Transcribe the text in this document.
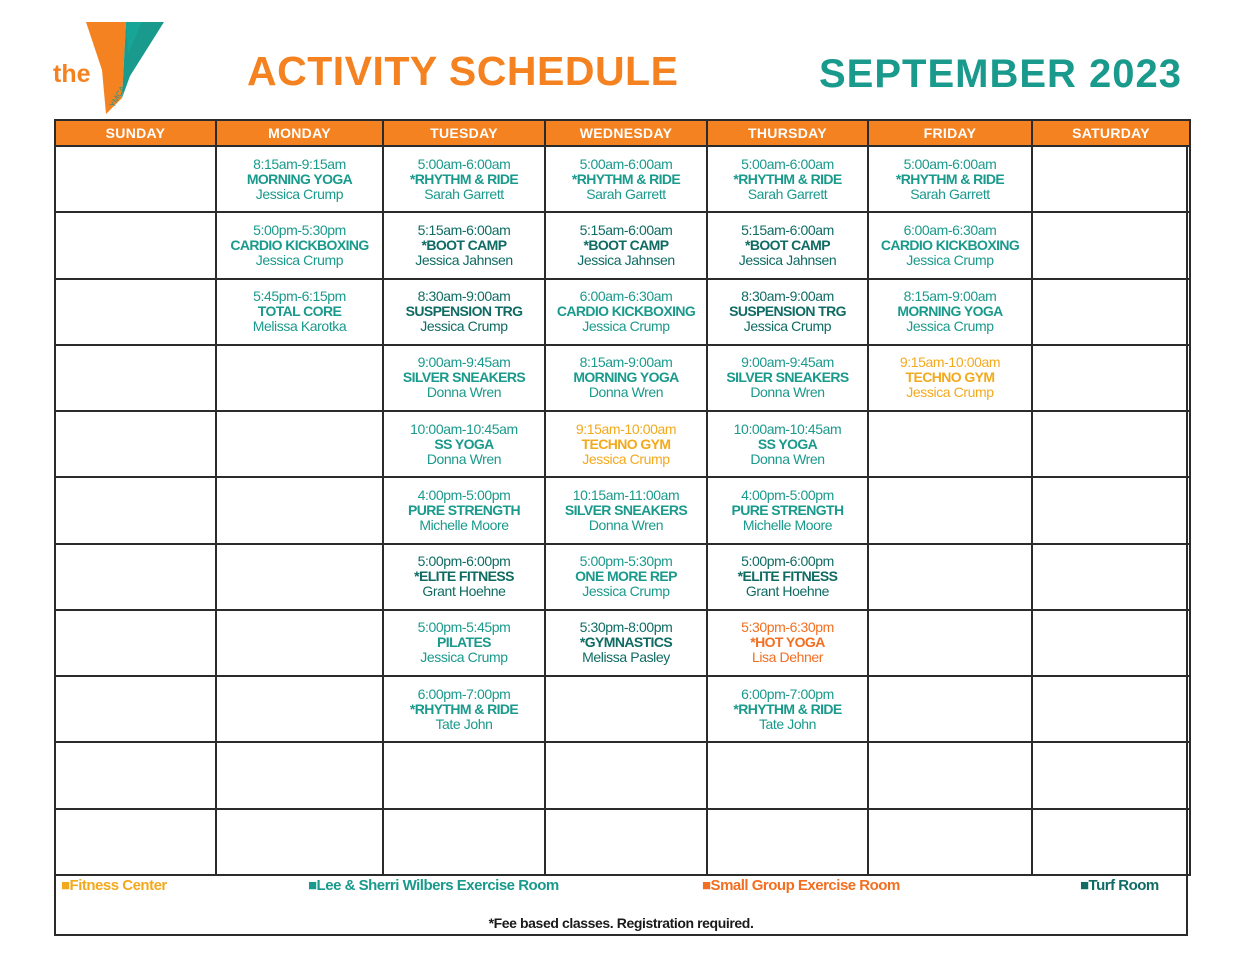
YMCA
the	ACTIVITY SCHEDULE	SEPTEMBER 2023
SUNDAY	MONDAY	TUESDAY	WEDNESDAY	THURSDAY	FRIDAY	SATURDAY

	8:15am-9:15am
MORNING YOGA
Jessica Crump	5:00am-6:00am
*RHYTHM & RIDE
Sarah Garrett	5:00am-6:00am
*RHYTHM & RIDE
Sarah Garrett	5:00am-6:00am
*RHYTHM & RIDE
Sarah Garrett	5:00am-6:00am
*RHYTHM & RIDE
Sarah Garrett	

	5:00pm-5:30pm
CARDIO KICKBOXING
Jessica Crump	5:15am-6:00am
*BOOT CAMP
Jessica Jahnsen	5:15am-6:00am
*BOOT CAMP
Jessica Jahnsen	5:15am-6:00am
*BOOT CAMP
Jessica Jahnsen	6:00am-6:30am
CARDIO KICKBOXING
Jessica Crump	

	5:45pm-6:15pm
TOTAL CORE
Melissa Karotka	8:30am-9:00am
SUSPENSION TRG
Jessica Crump	6:00am-6:30am
CARDIO KICKBOXING
Jessica Crump	8:30am-9:00am
SUSPENSION TRG
Jessica Crump	8:15am-9:00am
MORNING YOGA
Jessica Crump	

		9:00am-9:45am
SILVER SNEAKERS
Donna Wren	8:15am-9:00am
MORNING YOGA
Donna Wren	9:00am-9:45am
SILVER SNEAKERS
Donna Wren	9:15am-10:00am
TECHNO GYM
Jessica Crump	

		10:00am-10:45am
SS YOGA
Donna Wren	9:15am-10:00am
TECHNO GYM
Jessica Crump	10:00am-10:45am
SS YOGA
Donna Wren		

		4:00pm-5:00pm
PURE STRENGTH
Michelle Moore	10:15am-11:00am
SILVER SNEAKERS
Donna Wren	4:00pm-5:00pm
PURE STRENGTH
Michelle Moore		

		5:00pm-6:00pm
*ELITE FITNESS
Grant Hoehne	5:00pm-5:30pm
ONE MORE REP
Jessica Crump	5:00pm-6:00pm
*ELITE FITNESS
Grant Hoehne		

		5:00pm-5:45pm
PILATES
Jessica Crump	5:30pm-8:00pm
*GYMNASTICS
Melissa Pasley	5:30pm-6:30pm
*HOT YOGA
Lisa Dehner		

		6:00pm-7:00pm
*RHYTHM & RIDE
Tate John		6:00pm-7:00pm
*RHYTHM & RIDE
Tate John		

■Fitness Center	■Lee & Sherri Wilbers Exercise Room	■Small Group Exercise Room	■Turf Room
*Fee based classes. Registration required.
